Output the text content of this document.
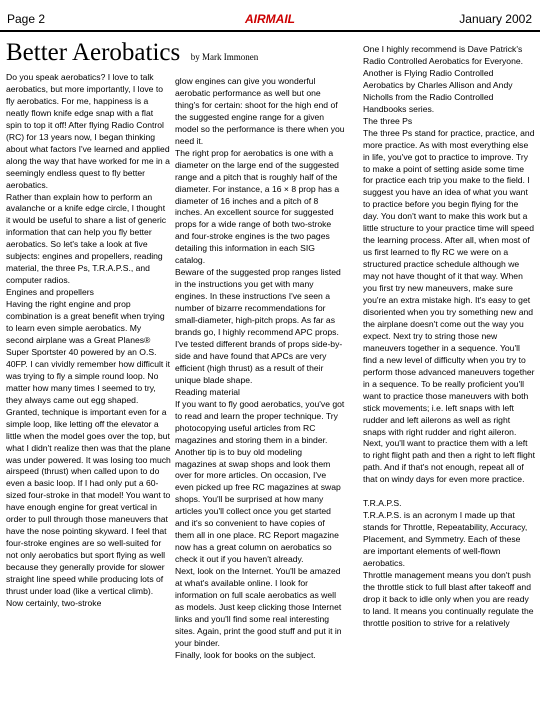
Page 2	AIRMAIL	January 2002
Better Aerobatics by Mark Immonen
Do you speak aerobatics? I love to talk aerobatics, but more importantly, I love to fly aerobatics. For me, happiness is a neatly flown knife edge snap with a flat spin to top it off! After flying Radio Control (RC) for 13 years now, I began thinking about what factors I've learned and applied along the way that have worked for me in a seemingly endless quest to fly better aerobatics.
Rather than explain how to perform an avalanche or a knife edge circle, I thought it would be useful to share a list of generic information that can help you fly better aerobatics. So let's take a look at five subjects: engines and propellers, reading material, the three Ps, T.R.A.P.S., and computer radios.
Engines and propellers
Having the right engine and prop combination is a great benefit when trying to learn even simple aerobatics. My second airplane was a Great Planes® Super Sportster 40 powered by an O.S. 40FP. I can vividly remember how difficult it was trying to fly a simple round loop. No matter how many times I seemed to try, they always came out egg shaped. Granted, technique is important even for a simple loop, like letting off the elevator a little when the model goes over the top, but what I didn't realize then was that the plane was under powered. It was losing too much airspeed (thrust) when called upon to do even a basic loop. If I had only put a 60-sized four-stroke in that model! You want to have enough engine for great vertical in order to pull through those maneuvers that have the nose pointing skyward. I feel that four-stroke engines are so well-suited for not only aerobatics but sport flying as well because they generally provide for slower straight line speed while producing lots of thrust under load (like a vertical climb). Now certainly, two-stroke
glow engines can give you wonderful aerobatic performance as well but one thing's for certain: shoot for the high end of the suggested engine range for a given model so the performance is there when you need it.
The right prop for aerobatics is one with a diameter on the large end of the suggested range and a pitch that is roughly half of the diameter. For instance, a 16 × 8 prop has a diameter of 16 inches and a pitch of 8 inches. An excellent source for suggested props for a wide range of both two-stroke and four-stroke engines is the two pages detailing this information in each SIG catalog.
Beware of the suggested prop ranges listed in the instructions you get with many engines. In these instructions I've seen a number of bizarre recommendations for small-diameter, high-pitch props. As far as brands go, I highly recommend APC props. I've tested different brands of props side-by-side and have found that APCs are very efficient (high thrust) as a result of their unique blade shape.
Reading material
If you want to fly good aerobatics, you've got to read and learn the proper technique. Try photocopying useful articles from RC magazines and storing them in a binder. Another tip is to buy old modeling magazines at swap shops and look them over for more articles. On occasion, I've even picked up free RC magazines at swap shops. You'll be surprised at how many articles you'll collect once you get started and it's so convenient to have copies of them all in one place. RC Report magazine now has a great column on aerobatics so check it out if you haven't already.
Next, look on the Internet. You'll be amazed at what's available online. I look for information on full scale aerobatics as well as models. Just keep clicking those Internet links and you'll find some real interesting sites. Again, print the good stuff and put it in your binder.
Finally, look for books on the subject.
One I highly recommend is Dave Patrick's Radio Controlled Aerobatics for Everyone. Another is Flying Radio Controlled Aerobatics by Charles Allison and Andy Nicholls from the Radio Controlled Handbooks series.
The three Ps
The three Ps stand for practice, practice, and more practice. As with most everything else in life, you've got to practice to improve. Try to make a point of setting aside some time for practice each trip you make to the field. I suggest you have an idea of what you want to practice before you begin flying for the day. You don't want to make this work but a little structure to your practice time will speed the learning process. After all, when most of us first learned to fly RC we were on a structured practice schedule although we may not have thought of it that way. When you first try new maneuvers, make sure you're an extra mistake high. It's easy to get disoriented when you try something new and the airplane doesn't come out the way you expect. Next try to string those new maneuvers together in a sequence. You'll find a new level of difficulty when you try to perform those advanced maneuvers together in a sequence. To be really proficient you'll want to practice those maneuvers with both stick movements; i.e. left snaps with left rudder and left ailerons as well as right snaps with right rudder and right aileron. Next, you'll want to practice them with a left to right flight path and then a right to left flight path. And if that's not enough, repeat all of that on windy days for even more practice.

T.R.A.P.S.
T.R.A.P.S. is an acronym I made up that stands for Throttle, Repeatability, Accuracy, Placement, and Symmetry. Each of these are important elements of well-flown aerobatics.
Throttle management means you don't push the throttle stick to full blast after takeoff and drop it back to idle only when you are ready to land. It means you continually regulate the throttle position to strive for a relatively
